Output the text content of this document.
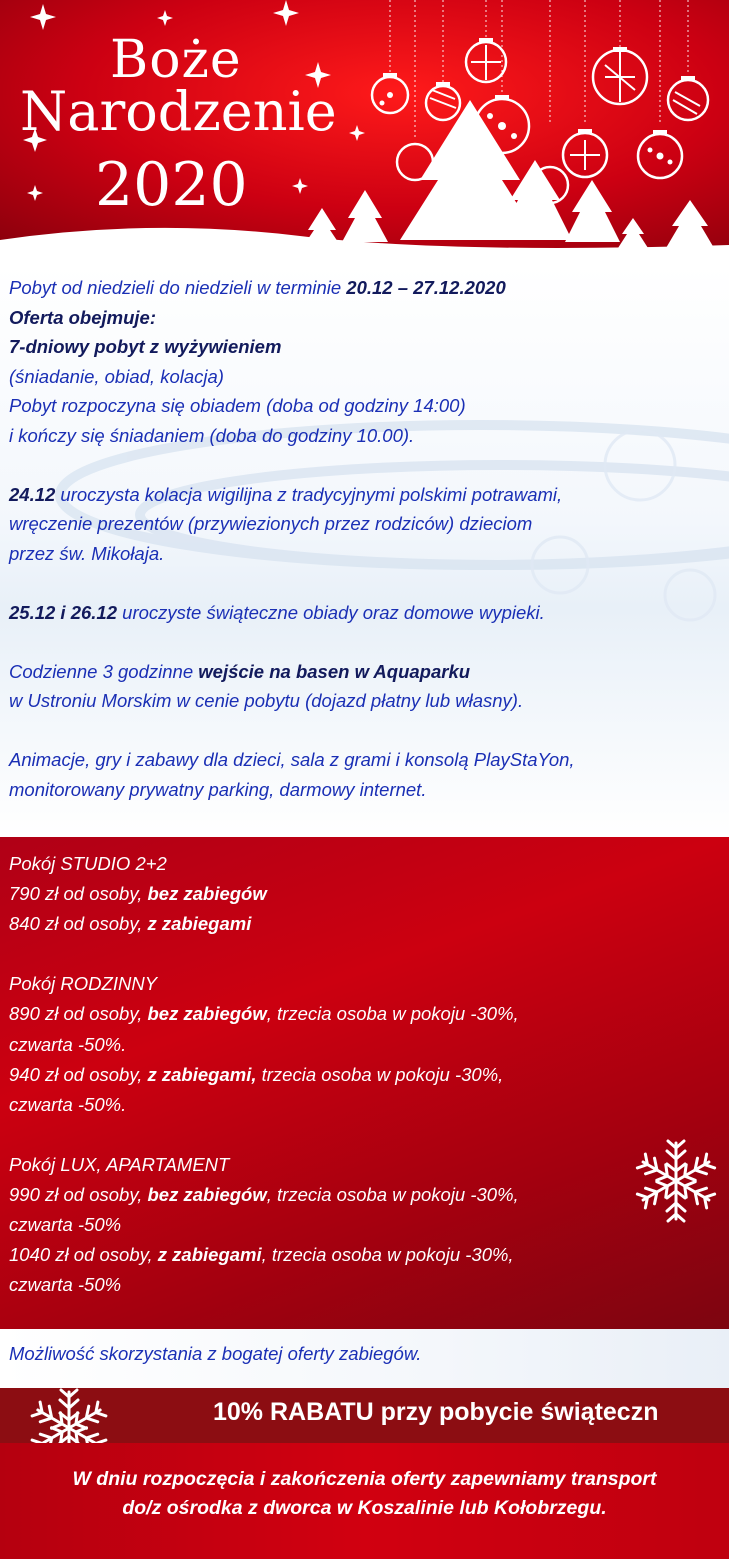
Boże
Narodzenie
2020

Pobyt od niedzieli do niedzieli w terminie 20.12 – 27.12.2020

Oferta obejmuje:

7-dniowy pobyt z wyżywieniem

(śniadanie, obiad, kolacja)

Pobyt rozpoczyna się obiadem (doba od godziny 14:00)

i kończy się śniadaniem (doba do godziny 10.00).

24.12 uroczysta kolacja wigilijna z tradycyjnymi polskimi potrawami,

wręczenie prezentów (przywiezionych przez rodziców) dzieciom

przez św. Mikołaja.

25.12 i 26.12 uroczyste świąteczne obiady oraz domowe wypieki.

Codzienne 3 godzinne wejście na basen w Aquaparku

w Ustroniu Morskim w cenie pobytu (dojazd płatny lub własny).

Animacje, gry i zabawy dla dzieci, sala z grami i konsolą PlayStaYon,

monitorowany prywatny parking, darmowy internet.

Pokój STUDIO 2+2

790 zł od osoby, bez zabiegów

840 zł od osoby, z zabiegami

Pokój RODZINNY

890 zł od osoby, bez zabiegów, trzecia osoba w pokoju -30%,

czwarta -50%.

940 zł od osoby, z zabiegami, trzecia osoba w pokoju -30%,

czwarta -50%.

Pokój LUX, APARTAMENT

990 zł od osoby, bez zabiegów, trzecia osoba w pokoju -30%,

czwarta -50%

1040 zł od osoby, z zabiegami, trzecia osoba w pokoju -30%,

czwarta -50%

Możliwość skorzystania z bogatej oferty zabiegów.

10% RABATU przy pobycie świąteczn

W dniu rozpoczęcia i zakończenia oferty zapewniamy transport

do/z ośrodka z dworca w Koszalinie lub Kołobrzegu.
